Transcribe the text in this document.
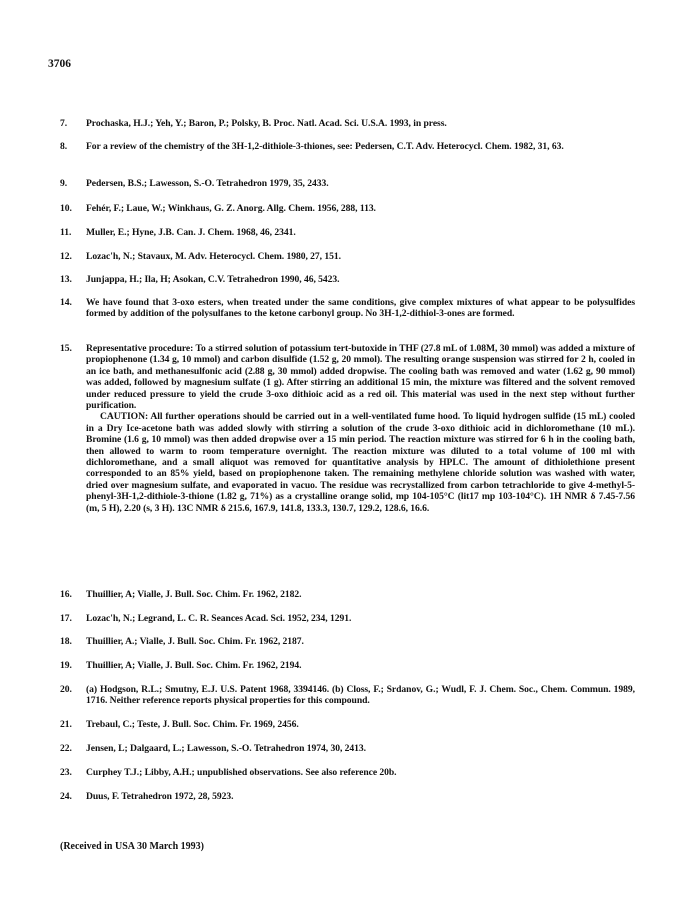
3706
7.	Prochaska, H.J.; Yeh, Y.; Baron, P.; Polsky, B. Proc. Natl. Acad. Sci. U.S.A. 1993, in press.
8.	For a review of the chemistry of the 3H-1,2-dithiole-3-thiones, see: Pedersen, C.T. Adv. Heterocycl. Chem. 1982, 31, 63.
9.	Pedersen, B.S.; Lawesson, S.-O. Tetrahedron 1979, 35, 2433.
10.	Fehér, F.; Laue, W.; Winkhaus, G. Z. Anorg. Allg. Chem. 1956, 288, 113.
11.	Muller, E.; Hyne, J.B. Can. J. Chem. 1968, 46, 2341.
12.	Lozac'h, N.; Stavaux, M. Adv. Heterocycl. Chem. 1980, 27, 151.
13.	Junjappa, H.; Ila, H; Asokan, C.V. Tetrahedron 1990, 46, 5423.
14.	We have found that 3-oxo esters, when treated under the same conditions, give complex mixtures of what appear to be polysulfides formed by addition of the polysulfanes to the ketone carbonyl group. No 3H-1,2-dithiol-3-ones are formed.
15.	Representative procedure: To a stirred solution of potassium tert-butoxide in THF (27.8 mL of 1.08M, 30 mmol) was added a mixture of propiophenone (1.34 g, 10 mmol) and carbon disulfide (1.52 g, 20 mmol). The resulting orange suspension was stirred for 2 h, cooled in an ice bath, and methanesulfonic acid (2.88 g, 30 mmol) added dropwise. The cooling bath was removed and water (1.62 g, 90 mmol) was added, followed by magnesium sulfate (1 g). After stirring an additional 15 min, the mixture was filtered and the solvent removed under reduced pressure to yield the crude 3-oxo dithioic acid as a red oil. This material was used in the next step without further purification.

CAUTION: All further operations should be carried out in a well-ventilated fume hood. To liquid hydrogen sulfide (15 mL) cooled in a Dry Ice-acetone bath was added slowly with stirring a solution of the crude 3-oxo dithioic acid in dichloromethane (10 mL). Bromine (1.6 g, 10 mmol) was then added dropwise over a 15 min period. The reaction mixture was stirred for 6 h in the cooling bath, then allowed to warm to room temperature overnight. The reaction mixture was diluted to a total volume of 100 ml with dichloromethane, and a small aliquot was removed for quantitative analysis by HPLC. The amount of dithiolethione present corresponded to an 85% yield, based on propiophenone taken. The remaining methylene chloride solution was washed with water, dried over magnesium sulfate, and evaporated in vacuo. The residue was recrystallized from carbon tetrachloride to give 4-methyl-5-phenyl-3H-1,2-dithiole-3-thione (1.82 g, 71%) as a crystalline orange solid, mp 104-105°C (lit17 mp 103-104°C). 1H NMR δ 7.45-7.56 (m, 5 H), 2.20 (s, 3 H). 13C NMR δ 215.6, 167.9, 141.8, 133.3, 130.7, 129.2, 128.6, 16.6.

16.	Thuillier, A; Vialle, J. Bull. Soc. Chim. Fr. 1962, 2182.
17.	Lozac'h, N.; Legrand, L. C. R. Seances Acad. Sci. 1952, 234, 1291.
18.	Thuillier, A.; Vialle, J. Bull. Soc. Chim. Fr. 1962, 2187.
19.	Thuillier, A; Vialle, J. Bull. Soc. Chim. Fr. 1962, 2194.
20.	(a) Hodgson, R.L.; Smutny, E.J. U.S. Patent 1968, 3394146. (b) Closs, F.; Srdanov, G.; Wudl, F. J. Chem. Soc., Chem. Commun. 1989, 1716. Neither reference reports physical properties for this compound.
21.	Trebaul, C.; Teste, J. Bull. Soc. Chim. Fr. 1969, 2456.
22.	Jensen, L; Dalgaard, L.; Lawesson, S.-O. Tetrahedron 1974, 30, 2413.
23.	Curphey T.J.; Libby, A.H.; unpublished observations. See also reference 20b.
24.	Duus, F. Tetrahedron 1972, 28, 5923.
(Received in USA 30 March 1993)
